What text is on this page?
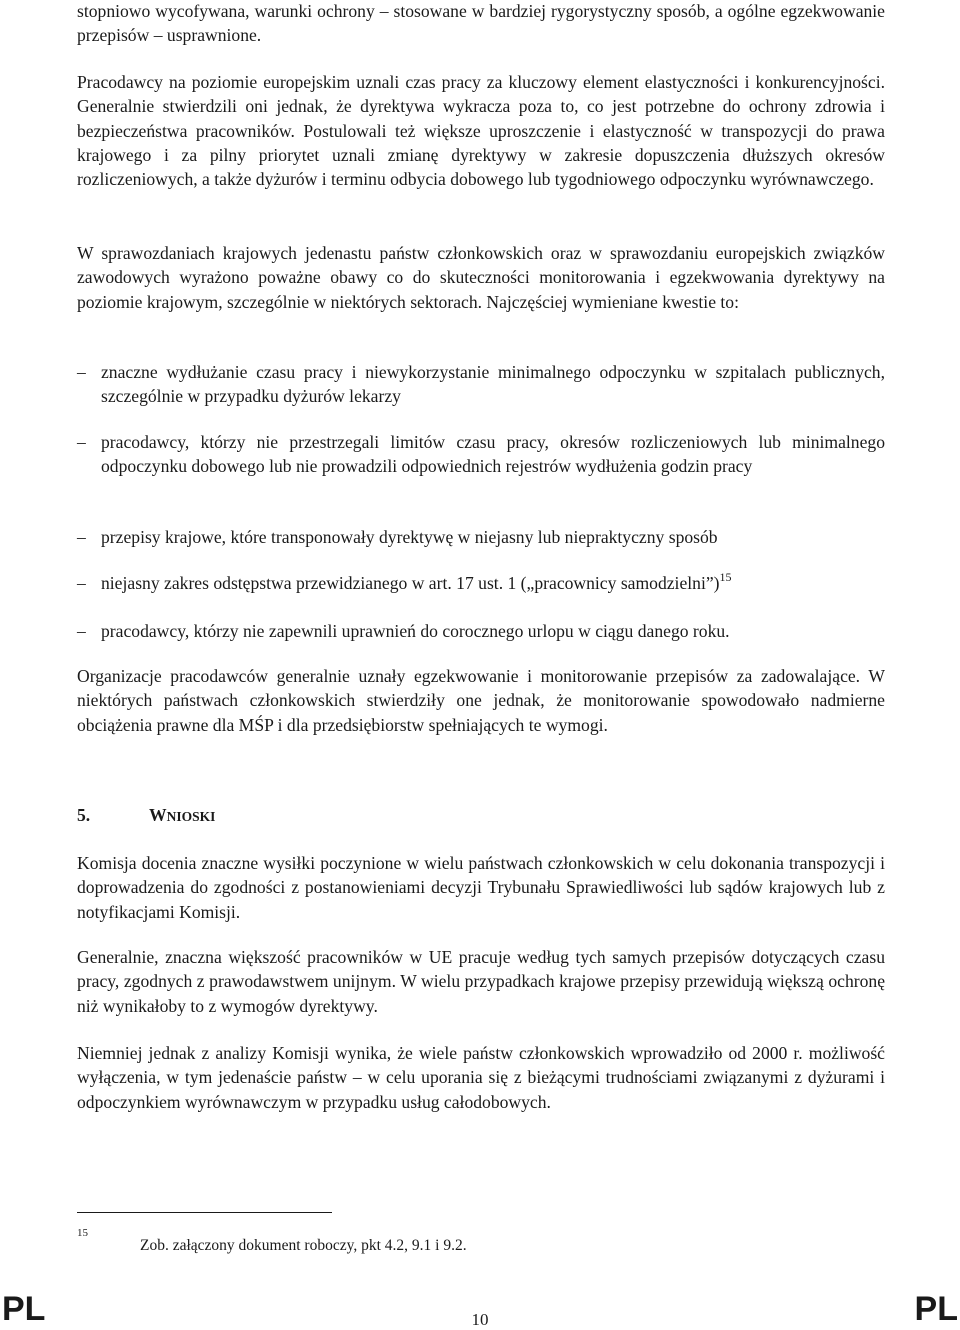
stopniowo wycofywana, warunki ochrony – stosowane w bardziej rygorystyczny sposób, a ogólne egzekwowanie przepisów – usprawnione.

Pracodawcy na poziomie europejskim uznali czas pracy za kluczowy element elastyczności i konkurencyjności. Generalnie stwierdzili oni jednak, że dyrektywa wykracza poza to, co jest potrzebne do ochrony zdrowia i bezpieczeństwa pracowników. Postulowali też większe uproszczenie i elastyczność w transpozycji do prawa krajowego i za pilny priorytet uznali zmianę dyrektywy w zakresie dopuszczenia dłuższych okresów rozliczeniowych, a także dyżurów i terminu odbycia dobowego lub tygodniowego odpoczynku wyrównawczego.

W sprawozdaniach krajowych jedenastu państw członkowskich oraz w sprawozdaniu europejskich związków zawodowych wyrażono poważne obawy co do skuteczności monitorowania i egzekwowania dyrektywy na poziomie krajowym, szczególnie w niektórych sektorach. Najczęściej wymieniane kwestie to:

– znaczne wydłużanie czasu pracy i niewykorzystanie minimalnego odpoczynku w szpitalach publicznych, szczególnie w przypadku dyżurów lekarzy

– pracodawcy, którzy nie przestrzegali limitów czasu pracy, okresów rozliczeniowych lub minimalnego odpoczynku dobowego lub nie prowadzili odpowiednich rejestrów wydłużenia godzin pracy

– przepisy krajowe, które transponowały dyrektywę w niejasny lub niepraktyczny sposób

– niejasny zakres odstępstwa przewidzianego w art. 17 ust. 1 („pracownicy samodzielni”)$^{15}$

– pracodawcy, którzy nie zapewnili uprawnień do corocznego urlopu w ciągu danego roku.

Organizacje pracodawców generalnie uznały egzekwowanie i monitorowanie przepisów za zadowalające. W niektórych państwach członkowskich stwierdziły one jednak, że monitorowanie spowodowało nadmierne obciążenia prawne dla MŚP i dla przedsiębiorstw spełniających te wymogi.

5.	WNIOSKI

Komisja docenia znaczne wysiłki poczynione w wielu państwach członkowskich w celu dokonania transpozycji i doprowadzenia do zgodności z postanowieniami decyzji Trybunału Sprawiedliwości lub sądów krajowych lub z notyfikacjami Komisji.

Generalnie, znaczna większość pracowników w UE pracuje według tych samych przepisów dotyczących czasu pracy, zgodnych z prawodawstwem unijnym. W wielu przypadkach krajowe przepisy przewidują większą ochronę niż wynikałoby to z wymogów dyrektywy.

Niemniej jednak z analizy Komisji wynika, że wiele państw członkowskich wprowadziło od 2000 r. możliwość wyłączenia, w tym jedenaście państw – w celu uporania się z bieżącymi trudnościami związanymi z dyżurami i odpoczynkiem wyrównawczym w przypadku usług całodobowych.

15
Zob. załączony dokument roboczy, pkt 4.2, 9.1 i 9.2.
PL	10	PL
